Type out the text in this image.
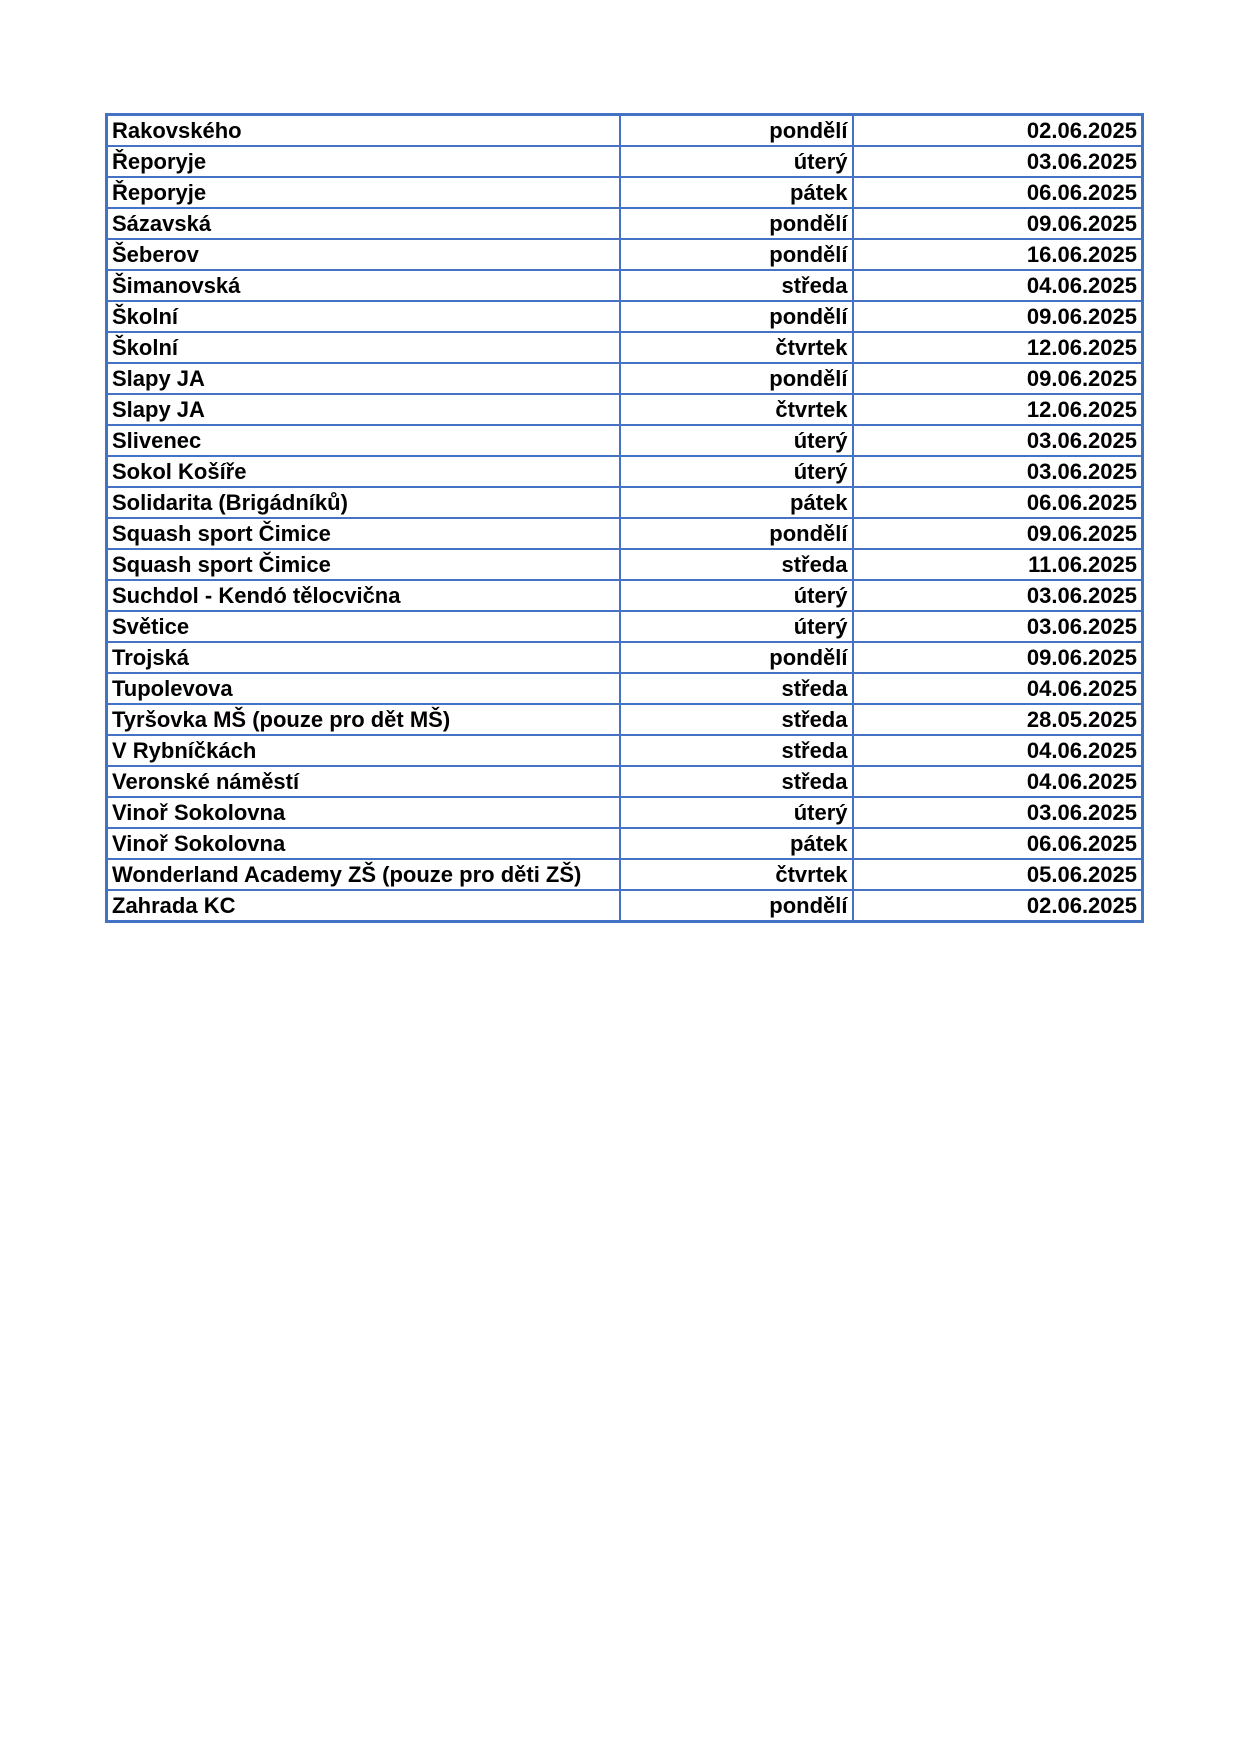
Rakovského	pondělí	02.06.2025
Řeporyje	úterý	03.06.2025
Řeporyje	pátek	06.06.2025
Sázavská	pondělí	09.06.2025
Šeberov	pondělí	16.06.2025
Šimanovská	středa	04.06.2025
Školní	pondělí	09.06.2025
Školní	čtvrtek	12.06.2025
Slapy JA	pondělí	09.06.2025
Slapy JA	čtvrtek	12.06.2025
Slivenec	úterý	03.06.2025
Sokol Košíře	úterý	03.06.2025
Solidarita (Brigádníků)	pátek	06.06.2025
Squash sport Čimice	pondělí	09.06.2025
Squash sport Čimice	středa	11.06.2025
Suchdol - Kendó tělocvična	úterý	03.06.2025
Světice	úterý	03.06.2025
Trojská	pondělí	09.06.2025
Tupolevova	středa	04.06.2025
Tyršovka MŠ (pouze pro dět MŠ)	středa	28.05.2025
V Rybníčkách	středa	04.06.2025
Veronské náměstí	středa	04.06.2025
Vinoř Sokolovna	úterý	03.06.2025
Vinoř Sokolovna	pátek	06.06.2025
Wonderland Academy ZŠ (pouze pro děti ZŠ)	čtvrtek	05.06.2025
Zahrada KC	pondělí	02.06.2025
